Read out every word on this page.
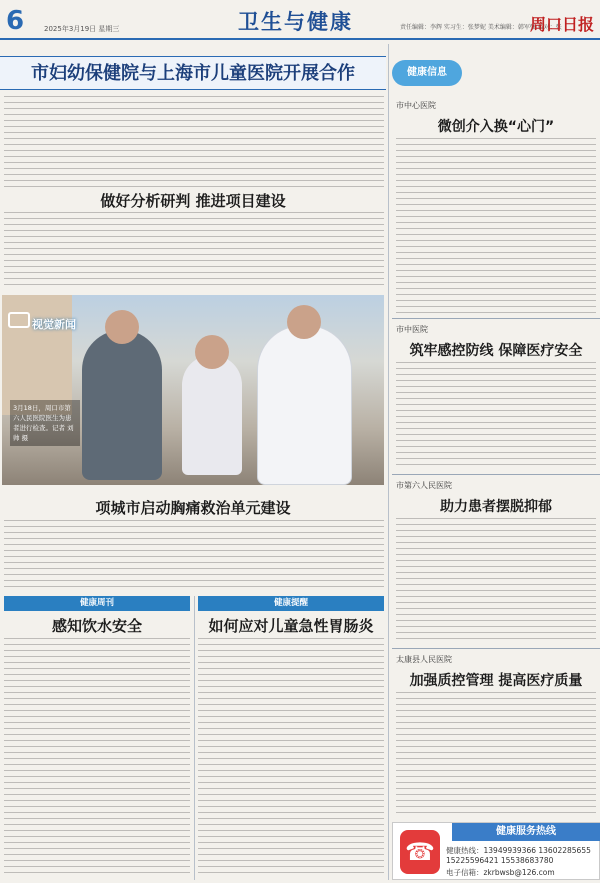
6	2025年3月19日 星期三	卫生与健康	责任编辑：李辉 实习生：张梦妮 美术编辑：韩军强 校对：张
周口日报
市妇幼保健院与上海市儿童医院开展合作	健康信息
做好分析研判 推进项目建设
视觉新闻
3月18日，周口市第六人民医院医生为患者进行检查。记者 刘帅 摄
项城市启动胸痛救治单元建设
健康周刊	健康提醒
感知饮水安全	如何应对儿童急性胃肠炎
市中心医院
微创介入换“心门”
市中医院
筑牢感控防线 保障医疗安全
市第六人民医院
助力患者摆脱抑郁
太康县人民医院
加强质控管理 提高医疗质量
健康服务热线
☎	健康热线：13949939366 13602285655
15225596421 15538683780
电子信箱：zkrbwsb@126.com
